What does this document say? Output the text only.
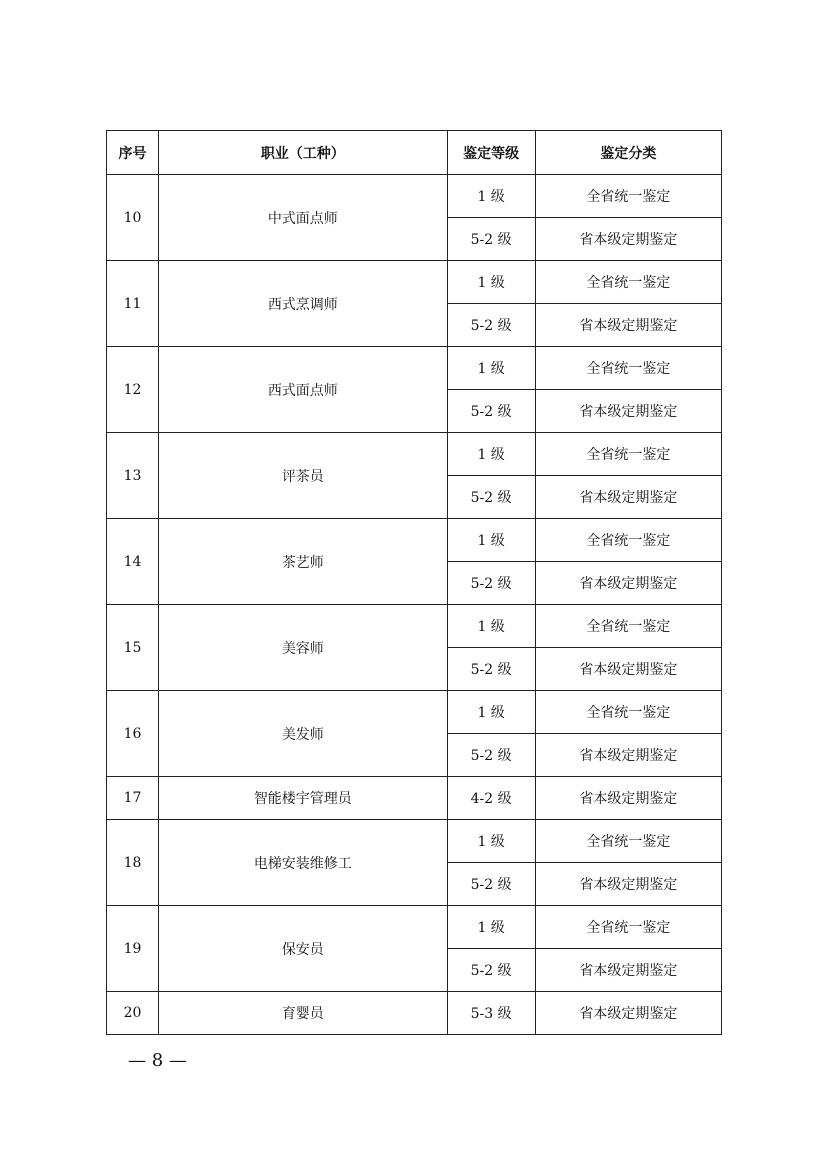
序号	职业（工种）	鉴定等级	鉴定分类
10	中式面点师	1 级	全省统一鉴定
		5-2 级	省本级定期鉴定
11	西式烹调师	1 级	全省统一鉴定
		5-2 级	省本级定期鉴定
12	西式面点师	1 级	全省统一鉴定
		5-2 级	省本级定期鉴定
13	评茶员	1 级	全省统一鉴定
		5-2 级	省本级定期鉴定
14	茶艺师	1 级	全省统一鉴定
		5-2 级	省本级定期鉴定
15	美容师	1 级	全省统一鉴定
		5-2 级	省本级定期鉴定
16	美发师	1 级	全省统一鉴定
		5-2 级	省本级定期鉴定
17	智能楼宇管理员	4-2 级	省本级定期鉴定
18	电梯安装维修工	1 级	全省统一鉴定
		5-2 级	省本级定期鉴定
19	保安员	1 级	全省统一鉴定
		5-2 级	省本级定期鉴定
20	育婴员	5-3 级	省本级定期鉴定
— 8 —
